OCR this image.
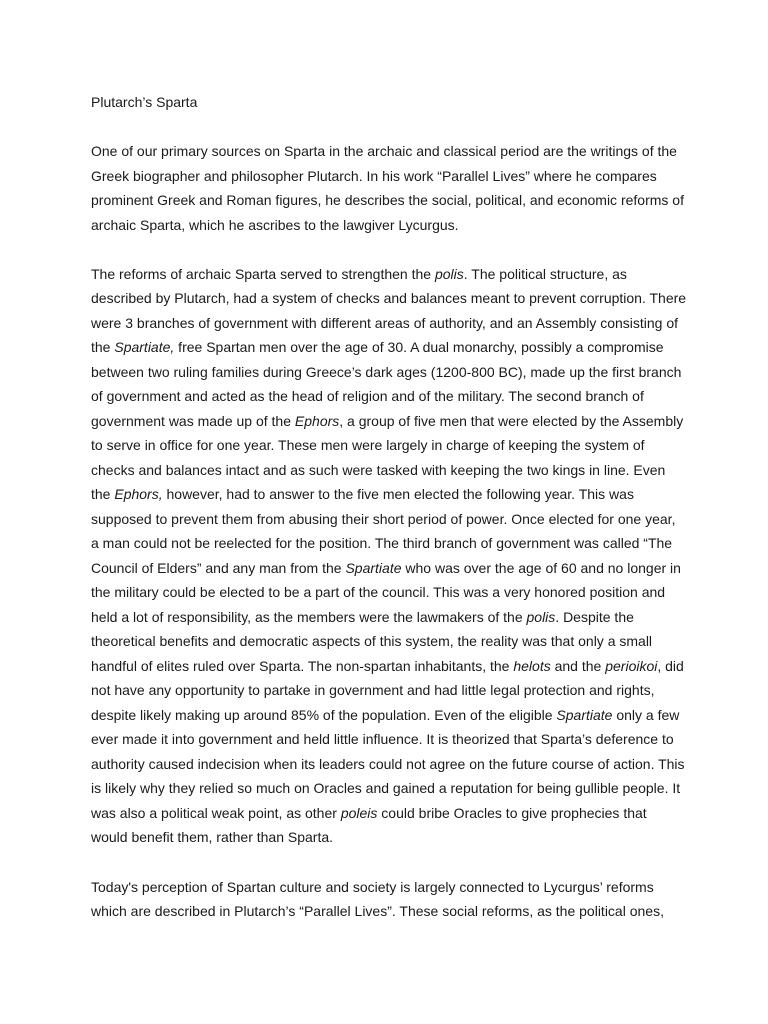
Plutarch’s Sparta
One of our primary sources on Sparta in the archaic and classical period are the writings of the
Greek biographer and philosopher Plutarch. In his work “Parallel Lives” where he compares
prominent Greek and Roman figures, he describes the social, political, and economic reforms of
archaic Sparta, which he ascribes to the lawgiver Lycurgus.
The reforms of archaic Sparta served to strengthen the polis. The political structure, as
described by Plutarch, had a system of checks and balances meant to prevent corruption. There
were 3 branches of government with different areas of authority, and an Assembly consisting of
the Spartiate, free Spartan men over the age of 30. A dual monarchy, possibly a compromise
between two ruling families during Greece’s dark ages (1200-800 BC), made up the first branch
of government and acted as the head of religion and of the military. The second branch of
government was made up of the Ephors, a group of five men that were elected by the Assembly
to serve in office for one year. These men were largely in charge of keeping the system of
checks and balances intact and as such were tasked with keeping the two kings in line. Even
the Ephors, however, had to answer to the five men elected the following year. This was
supposed to prevent them from abusing their short period of power. Once elected for one year,
a man could not be reelected for the position. The third branch of government was called “The
Council of Elders” and any man from the Spartiate who was over the age of 60 and no longer in
the military could be elected to be a part of the council. This was a very honored position and
held a lot of responsibility, as the members were the lawmakers of the polis. Despite the
theoretical benefits and democratic aspects of this system, the reality was that only a small
handful of elites ruled over Sparta. The non-spartan inhabitants, the helots and the perioikoi, did
not have any opportunity to partake in government and had little legal protection and rights,
despite likely making up around 85% of the population. Even of the eligible Spartiate only a few
ever made it into government and held little influence. It is theorized that Sparta’s deference to
authority caused indecision when its leaders could not agree on the future course of action. This
is likely why they relied so much on Oracles and gained a reputation for being gullible people. It
was also a political weak point, as other poleis could bribe Oracles to give prophecies that
would benefit them, rather than Sparta.
Today's perception of Spartan culture and society is largely connected to Lycurgus’ reforms
which are described in Plutarch’s “Parallel Lives”. These social reforms, as the political ones,
